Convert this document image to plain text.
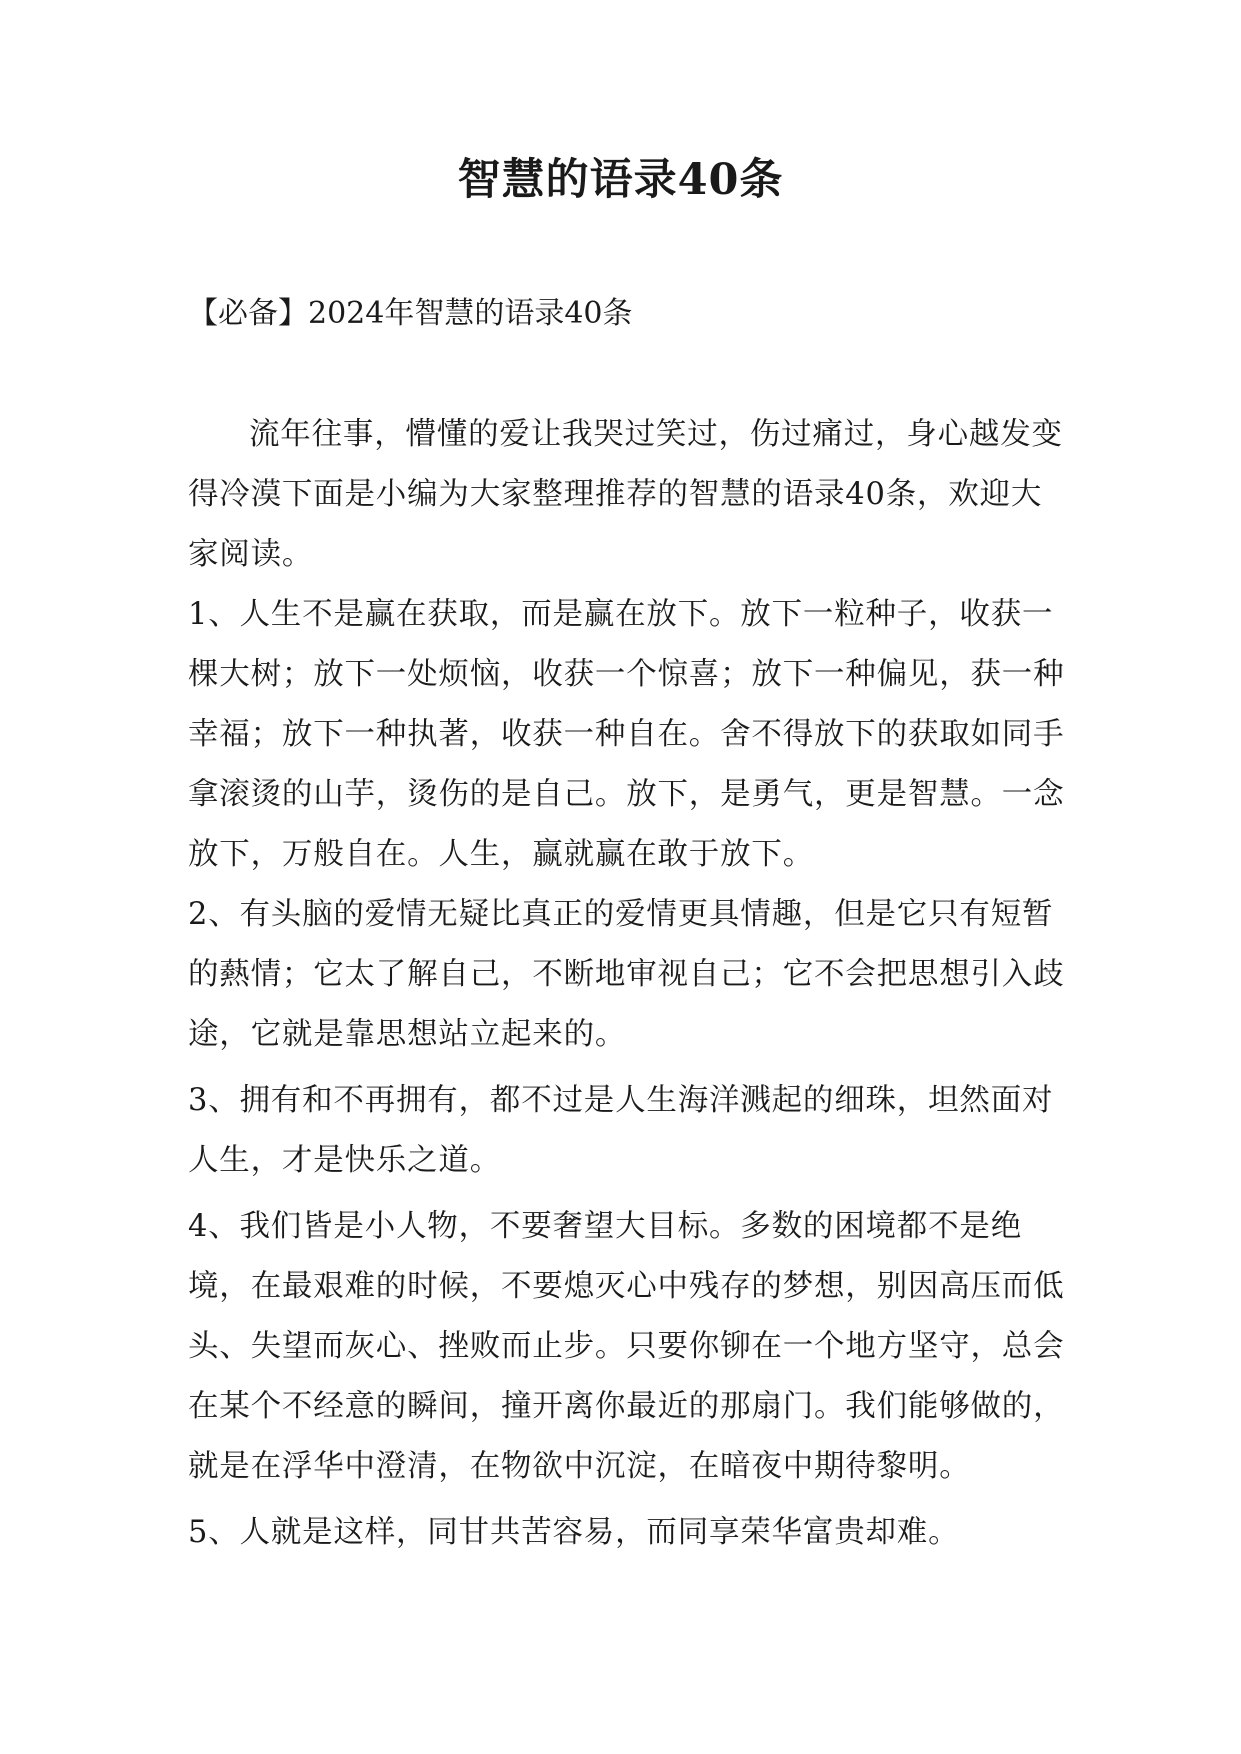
智慧的语录40条

【必备】2024年智慧的语录40条

流年往事，懵懂的爱让我哭过笑过，伤过痛过，身心越发变得冷漠下面是小编为大家整理推荐的智慧的语录40条，欢迎大家阅读。

1、人生不是赢在获取，而是赢在放下。放下一粒种子，收获一棵大树；放下一处烦恼，收获一个惊喜；放下一种偏见，获一种幸福；放下一种执著，收获一种自在。舍不得放下的获取如同手拿滚烫的山芋，烫伤的是自己。放下，是勇气，更是智慧。一念放下，万般自在。人生，赢就赢在敢于放下。

2、有头脑的爱情无疑比真正的爱情更具情趣，但是它只有短暂的爇情；它太了解自己，不断地审视自己；它不会把思想引入歧途，它就是靠思想站立起来的。

3、拥有和不再拥有，都不过是人生海洋溅起的细珠，坦然面对人生，才是快乐之道。

4、我们皆是小人物，不要奢望大目标。多数的困境都不是绝境，在最艰难的时候，不要熄灭心中残存的梦想，别因高压而低头、失望而灰心、挫败而止步。只要你铆在一个地方坚守，总会在某个不经意的瞬间，撞开离你最近的那扇门。我们能够做的，就是在浮华中澄清，在物欲中沉淀，在暗夜中期待黎明。

5、人就是这样，同甘共苦容易，而同享荣华富贵却难。
